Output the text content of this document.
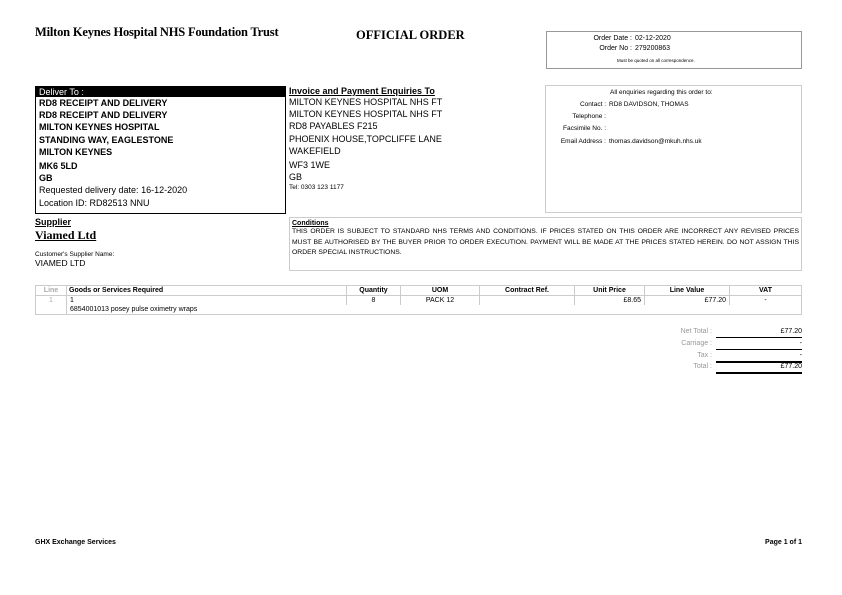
Milton Keynes Hospital NHS Foundation Trust	OFFICIAL ORDER	Order Date : 02-12-2020
Order No : 279200863
Must be quoted on all correspondence.
Deliver To :
RD8 RECEIPT AND DELIVERY
RD8 RECEIPT AND DELIVERY
MILTON KEYNES HOSPITAL
STANDING WAY, EAGLESTONE
MILTON KEYNES
MK6 5LD
GB
Requested delivery date: 16-12-2020
Location ID: RD82513 NNU
Invoice and Payment Enquiries To
MILTON KEYNES HOSPITAL NHS FT
MILTON KEYNES HOSPITAL NHS FT
RD8 PAYABLES F215
PHOENIX HOUSE,TOPCLIFFE LANE
WAKEFIELD
WF3 1WE
GB
Tel: 0303 123 1177
All enquiries regarding this order to:
Contact : RD8 DAVIDSON, THOMAS
Telephone :
Facsimile No. :
Email Address : thomas.davidson@mkuh.nhs.uk
Supplier
Viamed Ltd
Customer's Supplier Name:
VIAMED LTD
Conditions
THIS ORDER IS SUBJECT TO STANDARD NHS TERMS AND CONDITIONS. IF PRICES STATED ON THIS ORDER ARE INCORRECT ANY REVISED PRICES MUST BE AUTHORISED BY THE BUYER PRIOR TO ORDER EXECUTION. PAYMENT WILL BE MADE AT THE PRICES STATED HEREIN. DO NOT ASSIGN THIS ORDER SPECIAL INSTRUCTIONS.
Line	Goods or Services Required	Quantity	UOM	Contract Ref.	Unit Price	Line Value	VAT
1	1	8	PACK 12		£8.65	£77.20	-
	6854001013 posey pulse oximetry wraps						
Net Total :	£77.20
Carriage :	-
Tax :	-
Total :	£77.20
GHX Exchange Services	Page 1 of 1
